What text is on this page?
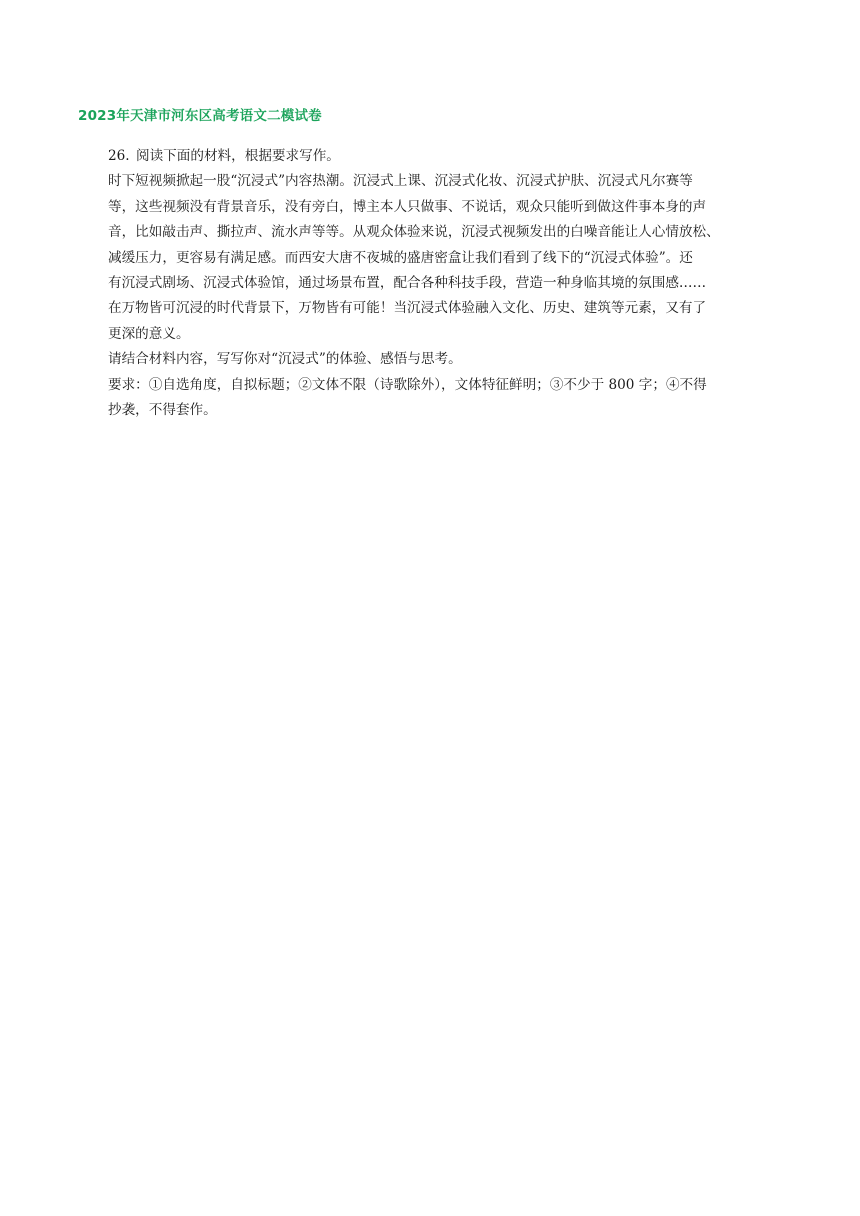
2023年天津市河东区高考语文二模试卷
26. 阅读下面的材料，根据要求写作。
时下短视频掀起一股“沉浸式”内容热潮。沉浸式上课、沉浸式化妆、沉浸式护肤、沉浸式凡尔赛等
等，这些视频没有背景音乐，没有旁白，博主本人只做事、不说话，观众只能听到做这件事本身的声
音，比如敲击声、撕拉声、流水声等等。从观众体验来说，沉浸式视频发出的白噪音能让人心情放松、
减缓压力，更容易有满足感。而西安大唐不夜城的盛唐密盒让我们看到了线下的“沉浸式体验”。还
有沉浸式剧场、沉浸式体验馆，通过场景布置，配合各种科技手段，营造一种身临其境的氛围感……
在万物皆可沉浸的时代背景下，万物皆有可能！当沉浸式体验融入文化、历史、建筑等元素，又有了
更深的意义。
请结合材料内容，写写你对“沉浸式”的体验、感悟与思考。
要求：①自选角度，自拟标题；②文体不限（诗歌除外），文体特征鲜明；③不少于 800 字；④不得
抄袭，不得套作。
